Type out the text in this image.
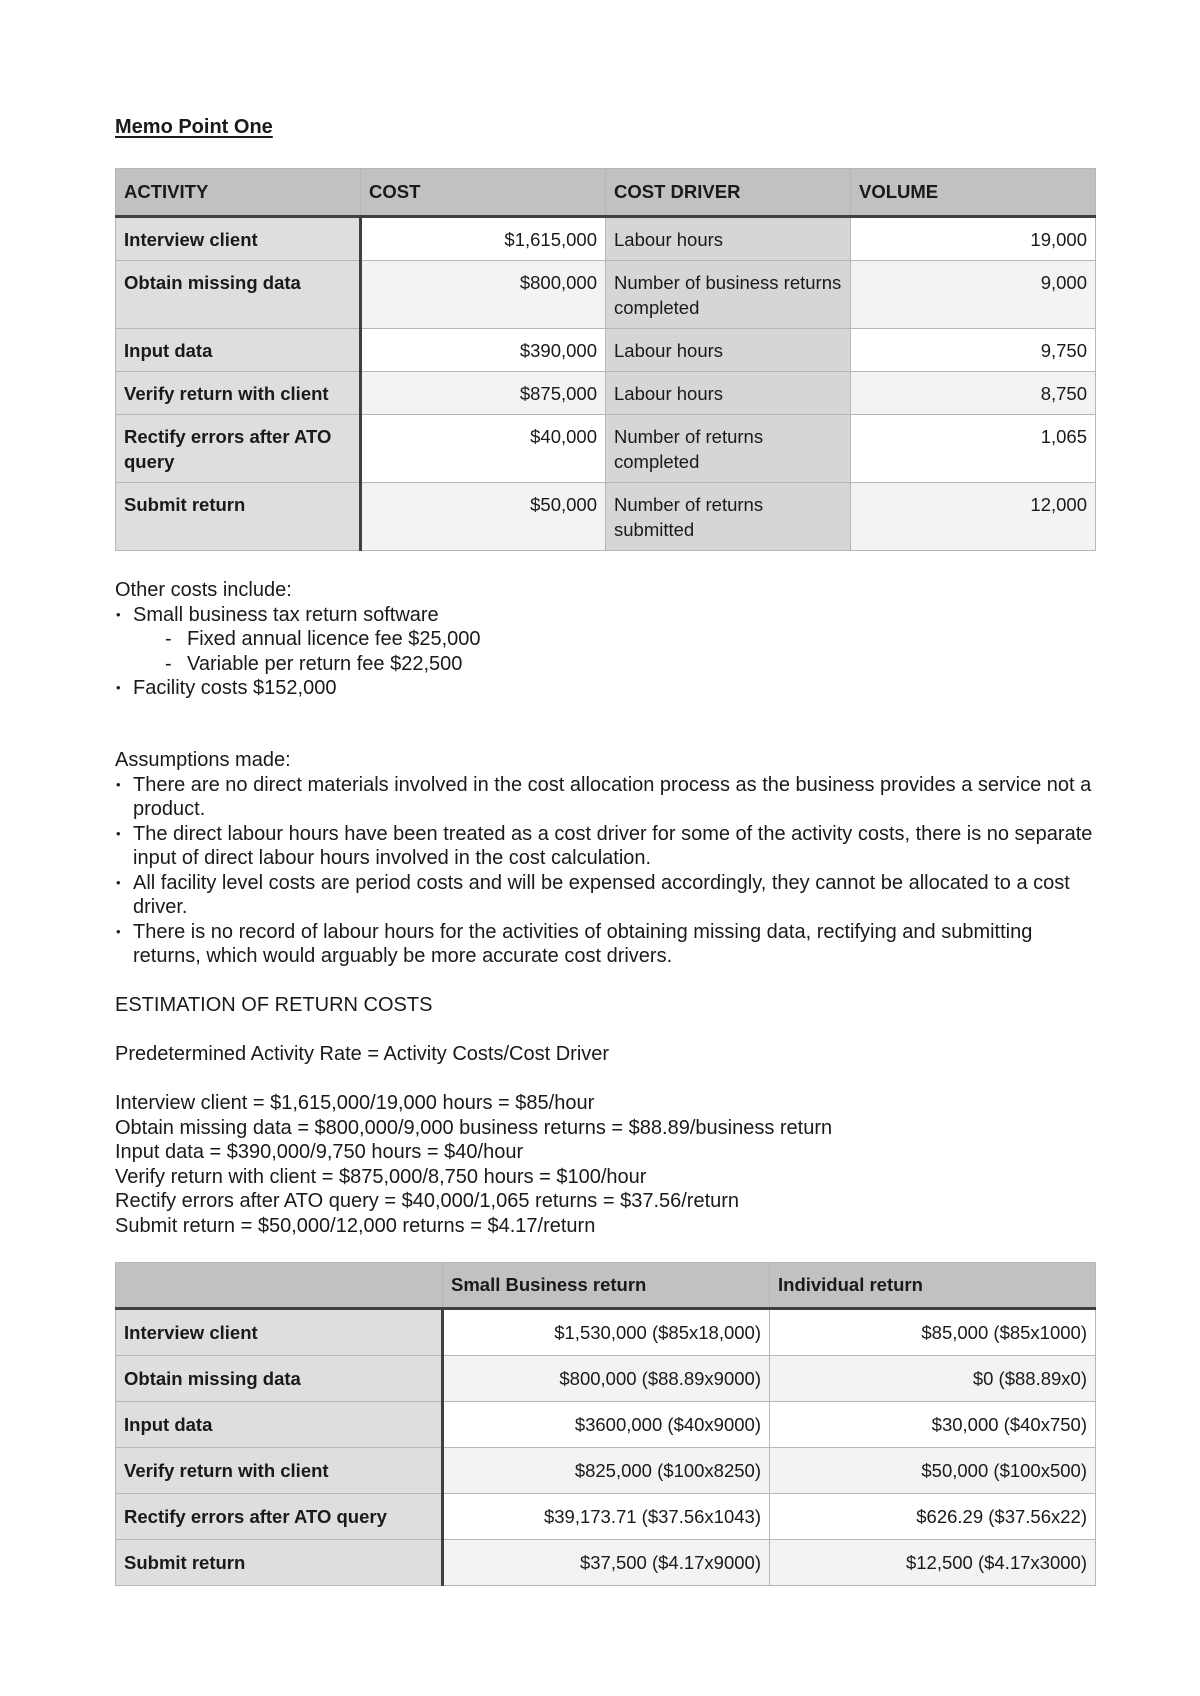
Memo Point One
ACTIVITY	COST	COST DRIVER	VOLUME
Interview client	$1,615,000	Labour hours	19,000
Obtain missing data	$800,000	Number of business returns completed	9,000
Input data	$390,000	Labour hours	9,750
Verify return with client	$875,000	Labour hours	8,750
Rectify errors after ATO query	$40,000	Number of returns completed	1,065
Submit return	$50,000	Number of returns submitted	12,000
Other costs include:
• Small business tax return software
- Fixed annual licence fee $25,000
- Variable per return fee $22,500
• Facility costs $152,000
Assumptions made:
• There are no direct materials involved in the cost allocation process as the business provides a service not a product.
• The direct labour hours have been treated as a cost driver for some of the activity costs, there is no separate input of direct labour hours involved in the cost calculation.
• All facility level costs are period costs and will be expensed accordingly, they cannot be allocated to a cost driver.
• There is no record of labour hours for the activities of obtaining missing data, rectifying and submitting returns, which would arguably be more accurate cost drivers.
ESTIMATION OF RETURN COSTS
Predetermined Activity Rate = Activity Costs/Cost Driver
Interview client = $1,615,000/19,000 hours = $85/hour
Obtain missing data = $800,000/9,000 business returns = $88.89/business return
Input data = $390,000/9,750 hours = $40/hour
Verify return with client = $875,000/8,750 hours = $100/hour
Rectify errors after ATO query = $40,000/1,065 returns = $37.56/return
Submit return = $50,000/12,000 returns = $4.17/return
	Small Business return	Individual return
Interview client	$1,530,000 ($85x18,000)	$85,000 ($85x1000)
Obtain missing data	$800,000 ($88.89x9000)	$0 ($88.89x0)
Input data	$3600,000 ($40x9000)	$30,000 ($40x750)
Verify return with client	$825,000 ($100x8250)	$50,000 ($100x500)
Rectify errors after ATO query	$39,173.71 ($37.56x1043)	$626.29 ($37.56x22)
Submit return	$37,500 ($4.17x9000)	$12,500 ($4.17x3000)
